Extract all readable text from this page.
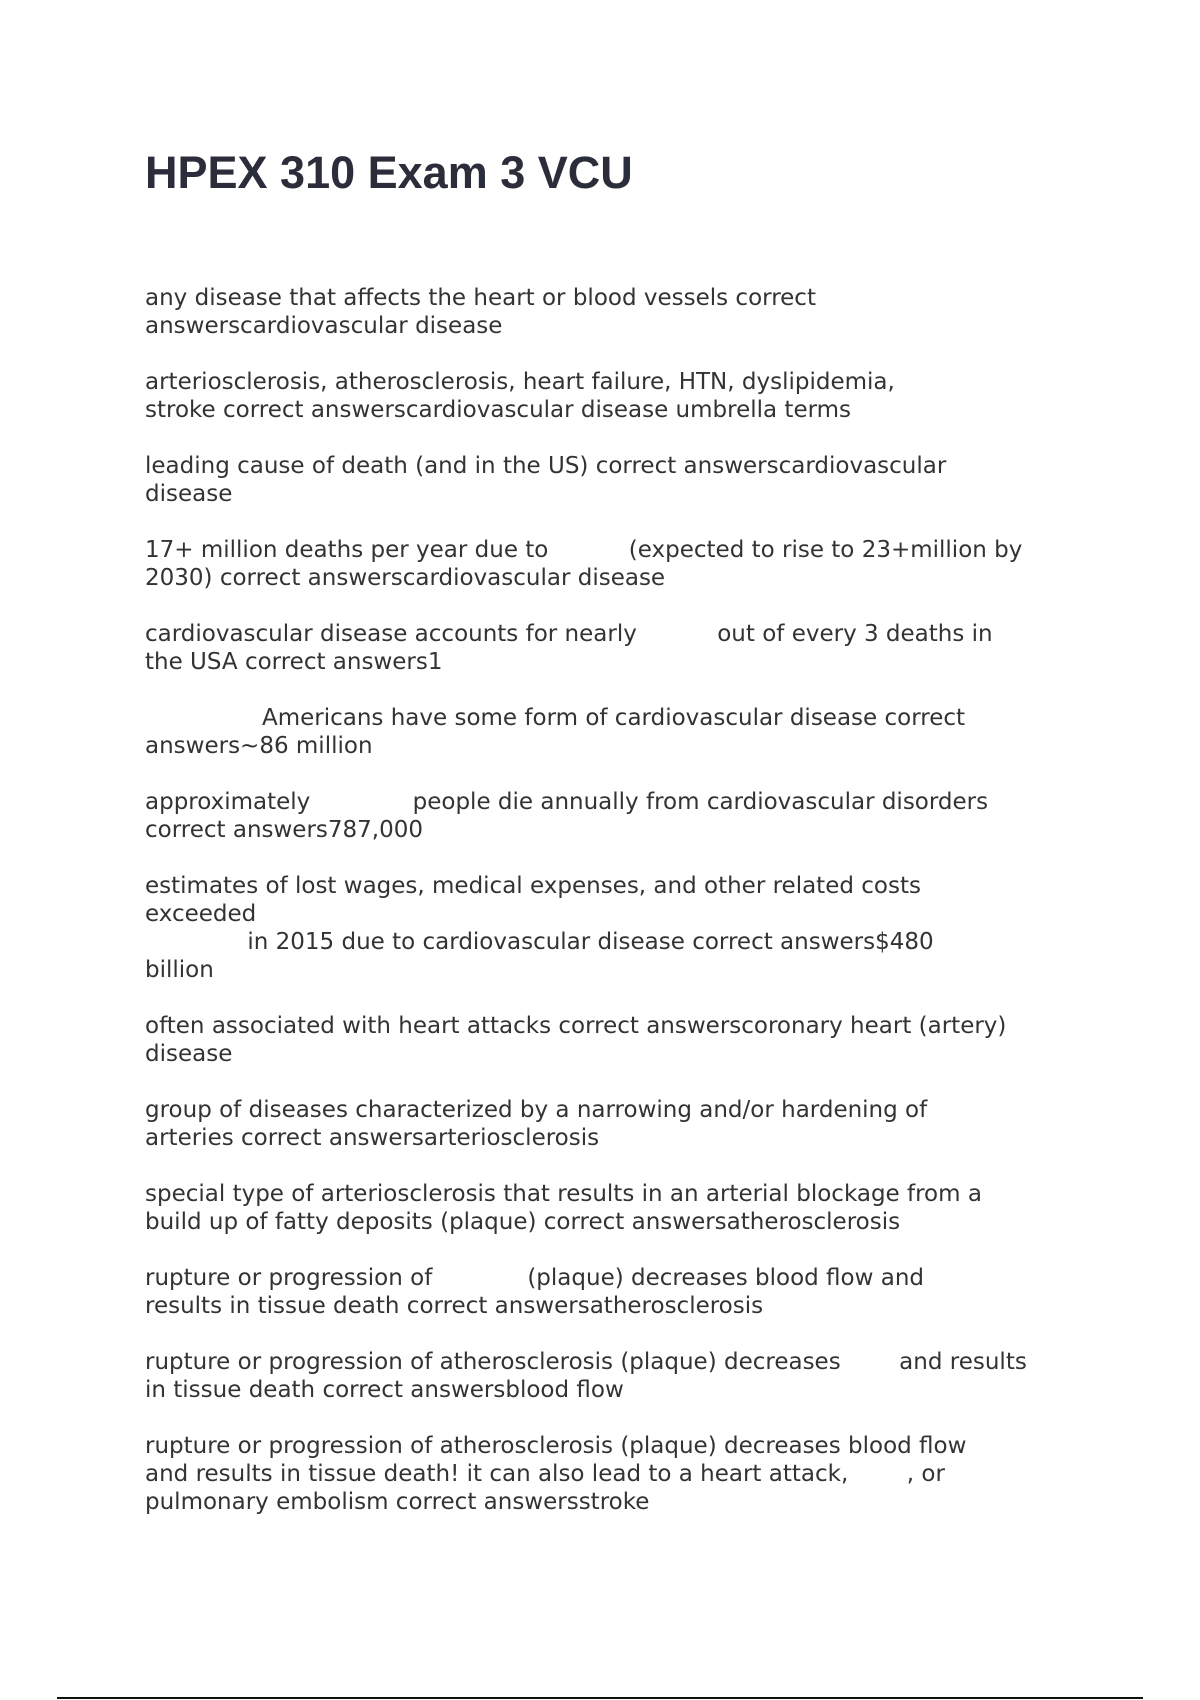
HPEX 310 Exam 3 VCU

any disease that affects the heart or blood vessels correct
answerscardiovascular disease

arteriosclerosis, atherosclerosis, heart failure, HTN, dyslipidemia,
stroke correct answerscardiovascular disease umbrella terms

leading cause of death (and in the US) correct answerscardiovascular
disease

17+ million deaths per year due to           (expected to rise to 23+million by
2030) correct answerscardiovascular disease

cardiovascular disease accounts for nearly           out of every 3 deaths in
the USA correct answers1

Americans have some form of cardiovascular disease correct
answers~86 million

approximately              people die annually from cardiovascular disorders
correct answers787,000

estimates of lost wages, medical expenses, and other related costs
exceeded
in 2015 due to cardiovascular disease correct answers$480
billion

often associated with heart attacks correct answerscoronary heart (artery)
disease

group of diseases characterized by a narrowing and/or hardening of
arteries correct answersarteriosclerosis

special type of arteriosclerosis that results in an arterial blockage from a
build up of fatty deposits (plaque) correct answersatherosclerosis

rupture or progression of             (plaque) decreases blood flow and
results in tissue death correct answersatherosclerosis

rupture or progression of atherosclerosis (plaque) decreases        and results
in tissue death correct answersblood flow

rupture or progression of atherosclerosis (plaque) decreases blood flow
and results in tissue death! it can also lead to a heart attack,        , or
pulmonary embolism correct answersstroke
